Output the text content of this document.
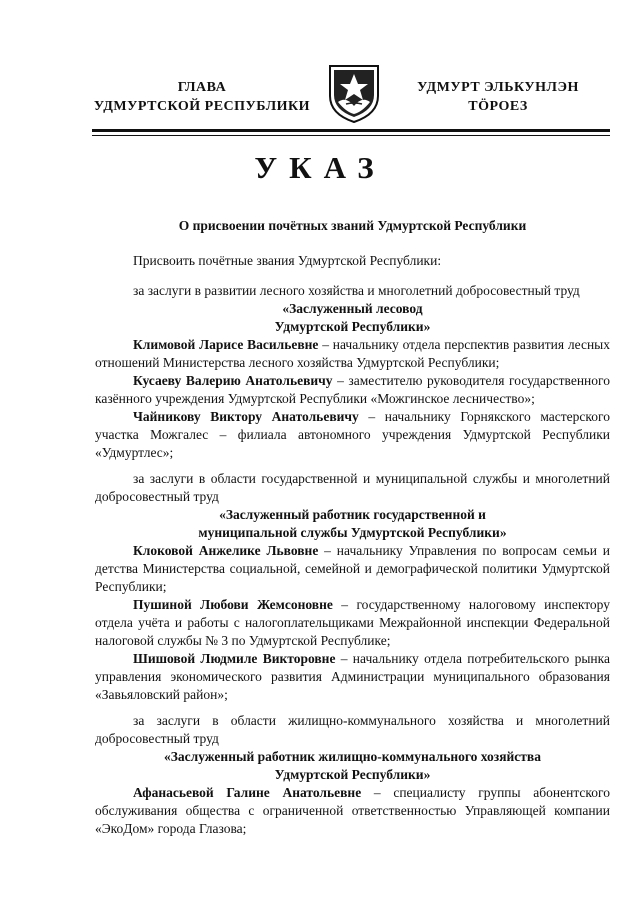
ГЛАВА
УДМУРТСКОЙ РЕСПУБЛИКИ
УДМУРТ ЭЛЬКУНЛЭН
ТӦРОЕЗ
УКАЗ
О присвоении почётных званий Удмуртской Республики
Присвоить почётные звания Удмуртской Республики:
за заслуги в развитии лесного хозяйства и многолетний добросовестный труд
«Заслуженный лесовод
Удмуртской Республики»
Климовой Ларисе Васильевне – начальнику отдела перспектив развития лесных отношений Министерства лесного хозяйства Удмуртской Республики;
Кусаеву Валерию Анатольевичу – заместителю руководителя государственного казённого учреждения Удмуртской Республики «Можгинское лесничество»;
Чайникову Виктору Анатольевичу – начальнику Горнякского мастерского участка Можгалес – филиала автономного учреждения Удмуртской Республики «Удмуртлес»;
за заслуги в области государственной и муниципальной службы и многолетний добросовестный труд
«Заслуженный работник государственной и
муниципальной службы Удмуртской Республики»
Клоковой Анжелике Львовне – начальнику Управления по вопросам семьи и детства Министерства социальной, семейной и демографической политики Удмуртской Республики;
Пушиной Любови Жемсоновне – государственному налоговому инспектору отдела учёта и работы с налогоплательщиками Межрайонной инспекции Федеральной налоговой службы № 3 по Удмуртской Республике;
Шишовой Людмиле Викторовне – начальнику отдела потребительского рынка управления экономического развития Администрации муниципального образования «Завьяловский район»;
за заслуги в области жилищно-коммунального хозяйства и многолетний добросовестный труд
«Заслуженный работник жилищно-коммунального хозяйства
Удмуртской Республики»
Афанасьевой Галине Анатольевне – специалисту группы абонентского обслуживания общества с ограниченной ответственностью Управляющей компании «ЭкоДом» города Глазова;
